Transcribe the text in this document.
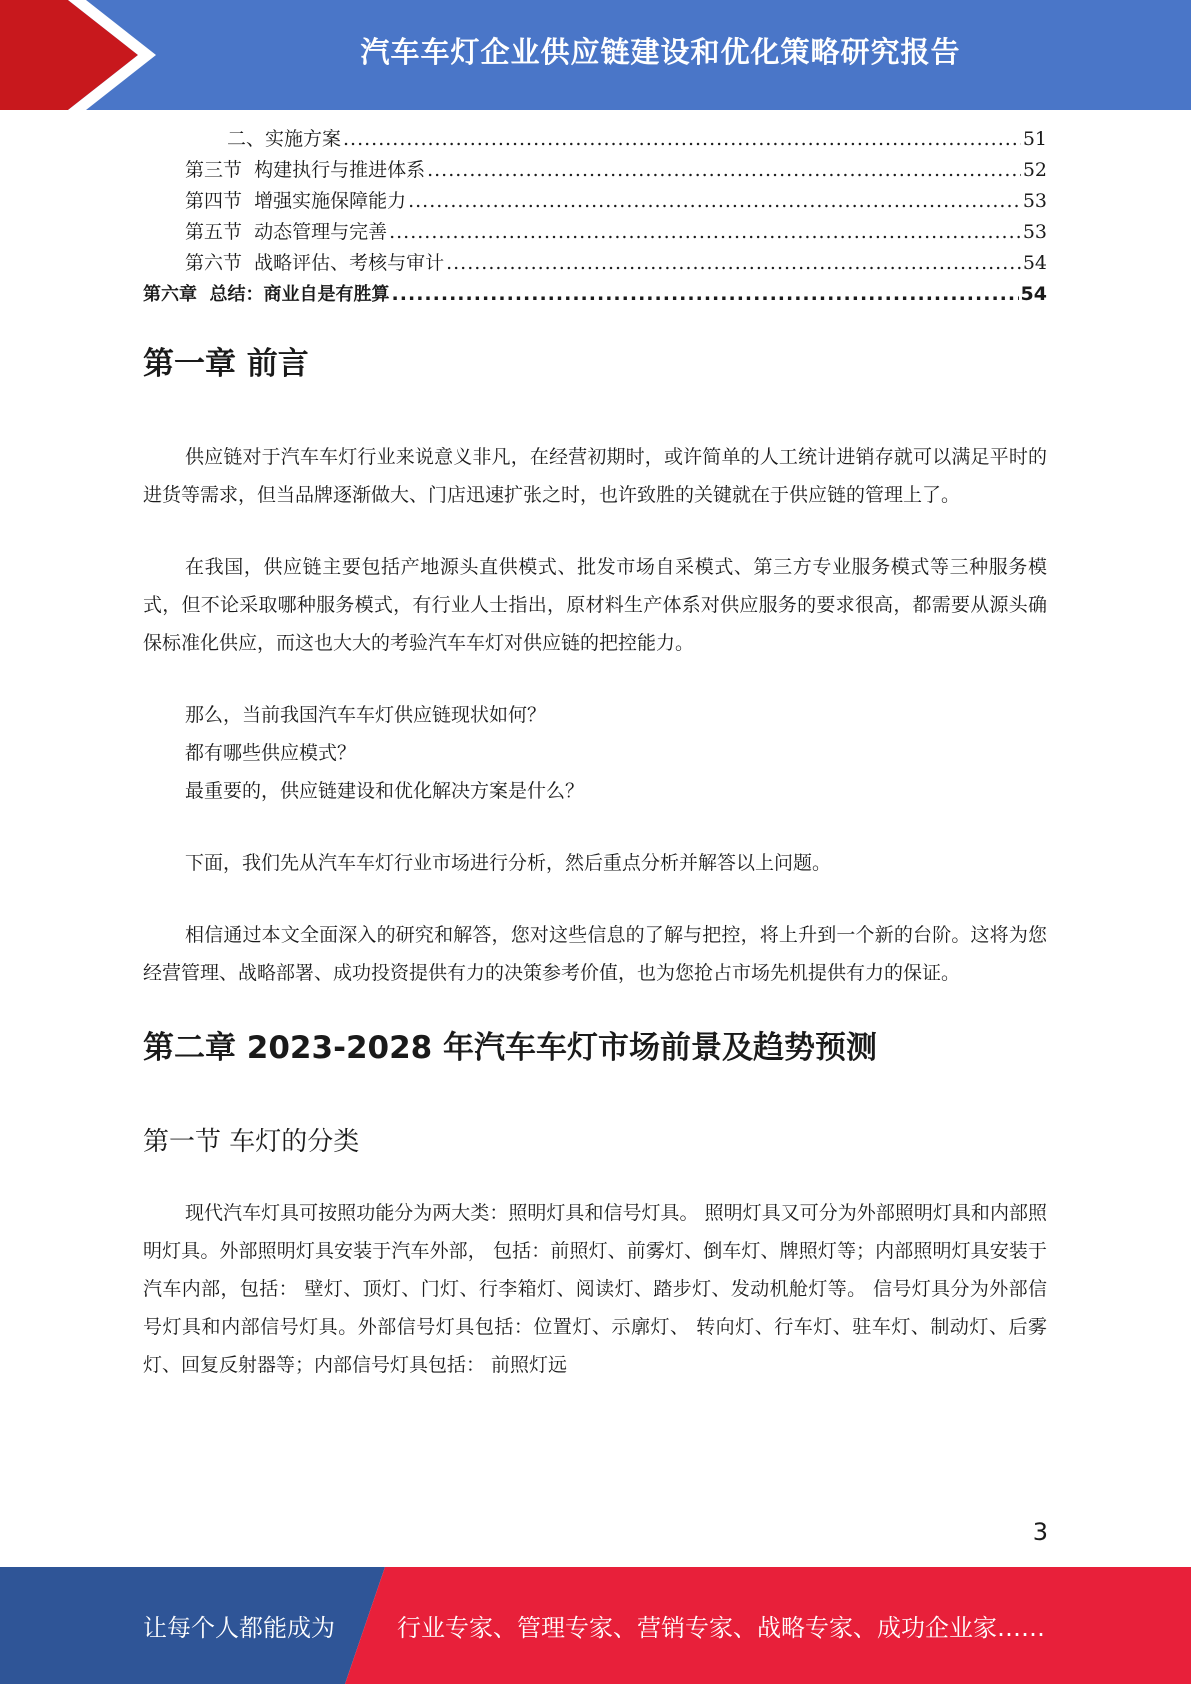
汽车车灯企业供应链建设和优化策略研究报告
二、实施方案 .....	51
第三节  构建执行与推进体系 .....	52
第四节  增强实施保障能力 .....	53
第五节  动态管理与完善 .....	53
第六节  战略评估、考核与审计 .....	54
第六章  总结：商业自是有胜算 .....	54
第一章 前言

供应链对于汽车车灯行业来说意义非凡，在经营初期时，或许简单的人工统计进销存就可以满足平时的进货等需求，但当品牌逐渐做大、门店迅速扩张之时，也许致胜的关键就在于供应链的管理上了。

在我国，供应链主要包括产地源头直供模式、批发市场自采模式、第三方专业服务模式等三种服务模式，但不论采取哪种服务模式，有行业人士指出，原材料生产体系对供应服务的要求很高，都需要从源头确保标准化供应，而这也大大的考验汽车车灯对供应链的把控能力。

那么，当前我国汽车车灯供应链现状如何？

都有哪些供应模式？

最重要的，供应链建设和优化解决方案是什么？

下面，我们先从汽车车灯行业市场进行分析，然后重点分析并解答以上问题。

相信通过本文全面深入的研究和解答，您对这些信息的了解与把控，将上升到一个新的台阶。这将为您经营管理、战略部署、成功投资提供有力的决策参考价值，也为您抢占市场先机提供有力的保证。

第二章 2023-2028 年汽车车灯市场前景及趋势预测
第一节 车灯的分类

现代汽车灯具可按照功能分为两大类：照明灯具和信号灯具。 照明灯具又可分为外部照明灯具和内部照明灯具。外部照明灯具安装于汽车外部， 包括：前照灯、前雾灯、倒车灯、牌照灯等；内部照明灯具安装于汽车内部，包括： 壁灯、顶灯、门灯、行李箱灯、阅读灯、踏步灯、发动机舱灯等。 信号灯具分为外部信号灯具和内部信号灯具。外部信号灯具包括：位置灯、示廓灯、 转向灯、行车灯、驻车灯、制动灯、后雾灯、回复反射器等；内部信号灯具包括： 前照灯远

3
让每个人都能成为	行业专家、管理专家、营销专家、战略专家、成功企业家……
